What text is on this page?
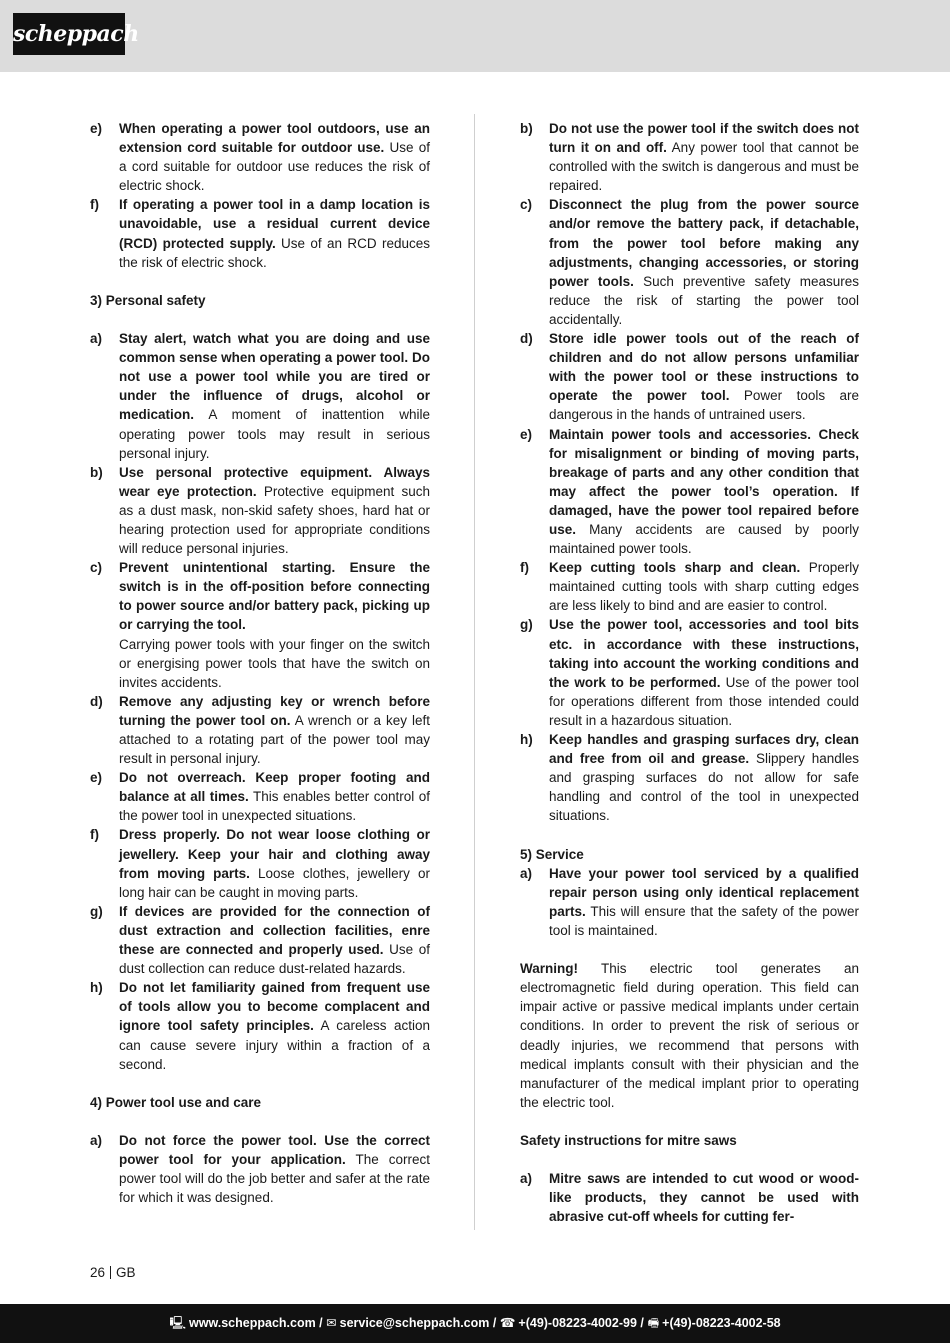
scheppach
e) When operating a power tool outdoors, use an extension cord suitable for outdoor use. Use of a cord suitable for outdoor use reduces the risk of electric shock.
f) If operating a power tool in a damp location is unavoidable, use a residual current device (RCD) protected supply. Use of an RCD reduces the risk of electric shock.
3) Personal safety
a) Stay alert, watch what you are doing and use common sense when operating a power tool. Do not use a power tool while you are tired or under the influence of drugs, alcohol or medication. A moment of inattention while operating power tools may result in serious personal injury.
b) Use personal protective equipment. Always wear eye protection. Protective equipment such as a dust mask, non-skid safety shoes, hard hat or hearing protection used for appropriate conditions will reduce personal injuries.
c) Prevent unintentional starting. Ensure the switch is in the off-position before connecting to power source and/or battery pack, picking up or carrying the tool.
Carrying power tools with your finger on the switch or energising power tools that have the switch on invites accidents.
d) Remove any adjusting key or wrench before turning the power tool on. A wrench or a key left attached to a rotating part of the power tool may result in personal injury.
e) Do not overreach. Keep proper footing and balance at all times. This enables better control of the power tool in unexpected situations.
f) Dress properly. Do not wear loose clothing or jewellery. Keep your hair and clothing away from moving parts. Loose clothes, jewellery or long hair can be caught in moving parts.
g) If devices are provided for the connection of dust extraction and collection facilities, enre these are connected and properly used. Use of dust collection can reduce dust-related hazards.
h) Do not let familiarity gained from frequent use of tools allow you to become complacent and ignore tool safety principles. A careless action can cause severe injury within a fraction of a second.
4) Power tool use and care
a) Do not force the power tool. Use the correct power tool for your application. The correct power tool will do the job better and safer at the rate for which it was designed.
b) Do not use the power tool if the switch does not turn it on and off. Any power tool that cannot be controlled with the switch is dangerous and must be repaired.
c) Disconnect the plug from the power source and/or remove the battery pack, if detachable, from the power tool before making any adjustments, changing accessories, or storing power tools. Such preventive safety measures reduce the risk of starting the power tool accidentally.
d) Store idle power tools out of the reach of children and do not allow persons unfamiliar with the power tool or these instructions to operate the power tool. Power tools are dangerous in the hands of untrained users.
e) Maintain power tools and accessories. Check for misalignment or binding of moving parts, breakage of parts and any other condition that may affect the power tool’s operation. If damaged, have the power tool repaired before use. Many accidents are caused by poorly maintained power tools.
f) Keep cutting tools sharp and clean. Properly maintained cutting tools with sharp cutting edges are less likely to bind and are easier to control.
g) Use the power tool, accessories and tool bits etc. in accordance with these instructions, taking into account the working conditions and the work to be performed. Use of the power tool for operations different from those intended could result in a hazardous situation.
h) Keep handles and grasping surfaces dry, clean and free from oil and grease. Slippery handles and grasping surfaces do not allow for safe handling and control of the tool in unexpected situations.
5) Service
a) Have your power tool serviced by a qualified repair person using only identical replacement parts. This will ensure that the safety of the power tool is maintained.
Warning! This electric tool generates an electromagnetic field during operation. This field can impair active or passive medical implants under certain conditions. In order to prevent the risk of serious or deadly injuries, we recommend that persons with medical implants consult with their physician and the manufacturer of the medical implant prior to operating the electric tool.
Safety instructions for mitre saws
a) Mitre saws are intended to cut wood or wood-like products, they cannot be used with abrasive cut-off wheels for cutting fer-
26 GB
🖳 www.scheppach.com / ✉ service@scheppach.com / ☎ +(49)-08223-4002-99 / 🖷 +(49)-08223-4002-58
